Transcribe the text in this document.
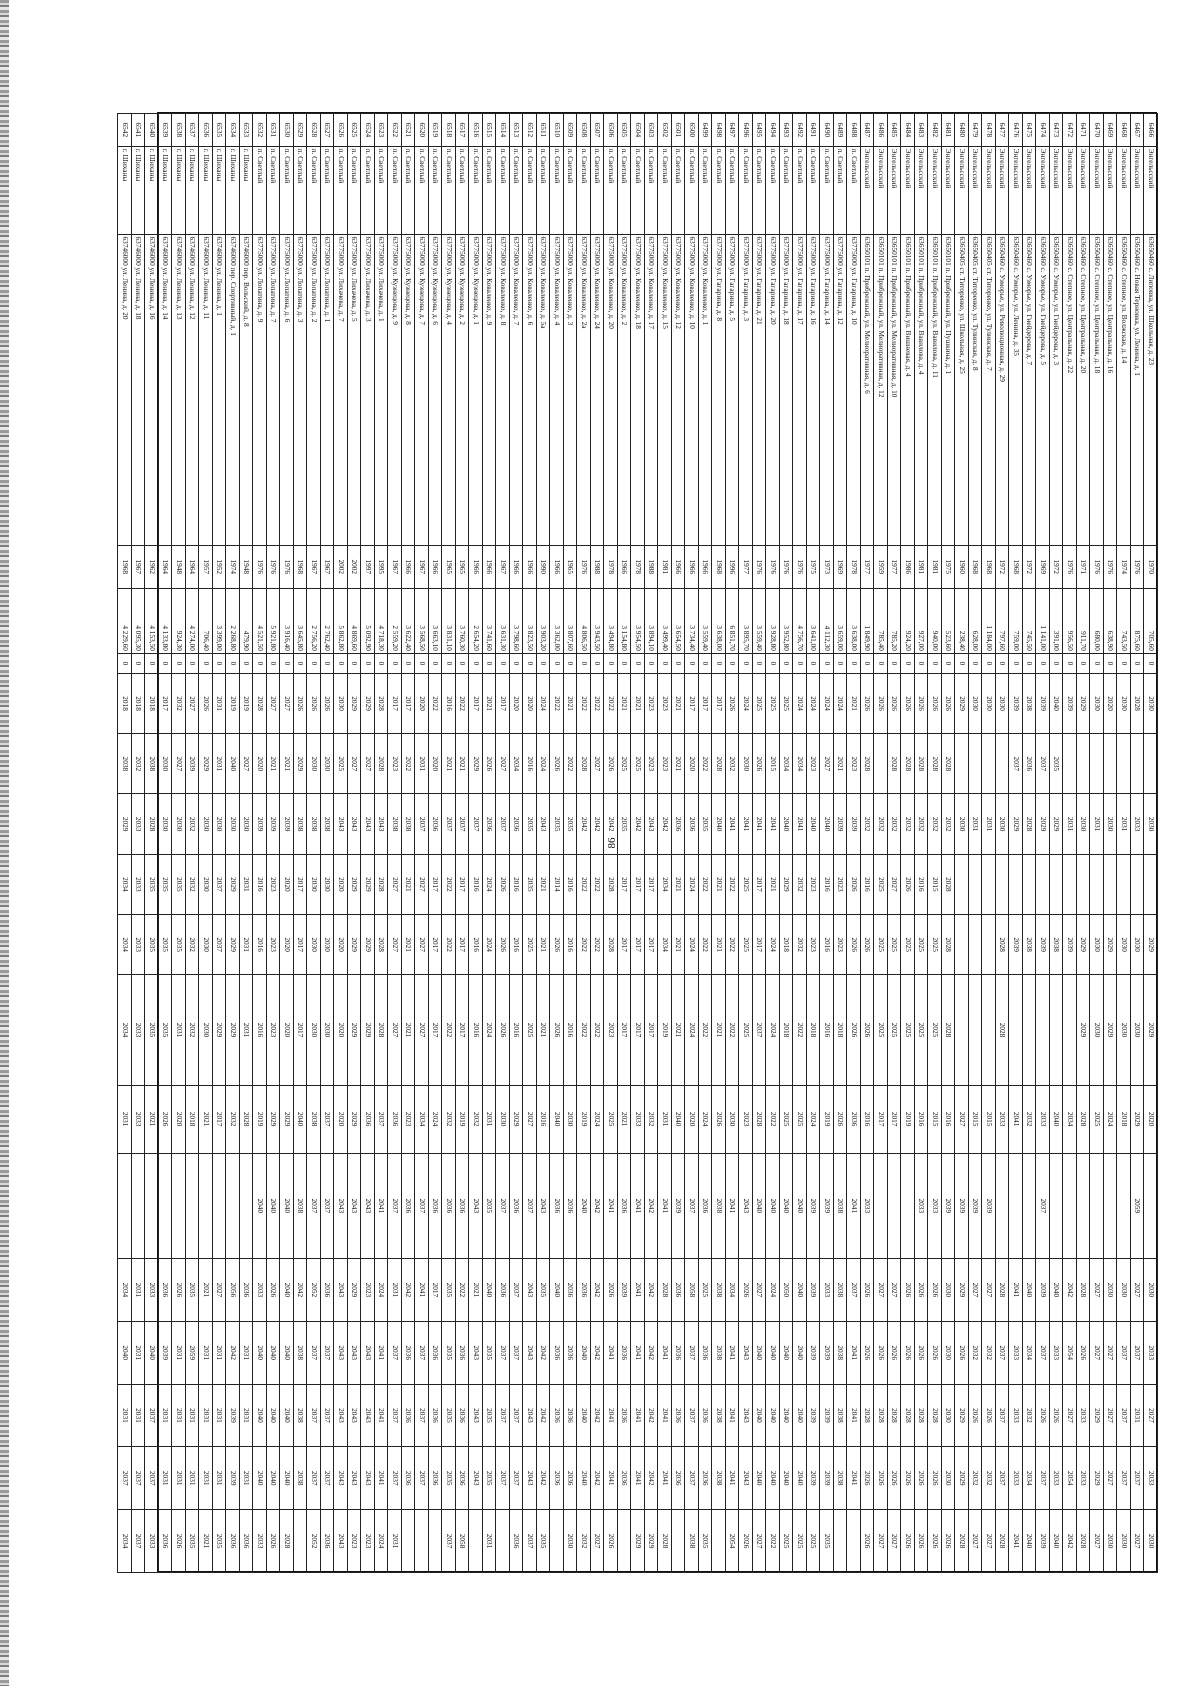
86
6466	Энгельсский	63650460 с. Липовка, ул. Школьная, д. 23	1970	705,60	0	2030		2030		2029	2029	2020		2030	2033	2027	2033	2030
6467	Энгельсский	63650460 с. Новая Терновка, ул. Ленина, д. 1	1976	875,60	0	2028		2033		2030	2030	2029	2059	2027	2037	2031	2037	2027
6468	Энгельсский	63650460 с. Степное, ул. Волжская, д. 14	1974	743,50	0	2030		2031		2030	2030	2018		2030	2037	2037	2037	2030
6469	Энгельсский	63650460 с. Степное, ул. Центральная, д. 16	1976	638,90	0	2020		2030		2029	2029	2024		2030	2027	2027	2027	2030
6470	Энгельсский	63650460 с. Степное, ул. Центральная, д. 18	1976	680,00	0	2030		2031		2030	2030	2025		2027	2027	2029	2029	2027
6471	Энгельсский	63650460 с. Степное, ул. Центральная, д. 20	1971	911,70	0	2029		2030		2029	2029	2028		2028	2026	2033	2033	2028
6472	Энгельсский	63650460 с. Степное, ул. Центральная, д. 22	1976	956,50	0	2039		2031		2039		2034		2042	2054	2027	2054	2042
6473	Энгельсский	63650460 с. Узморье, ул. Гнейдерова, д. 3	1972	391,00	0	2040	2035	2029		2038		2040		2040	2033	2026	2033	2040
6474	Энгельсский	63650460 с. Узморье, ул. Гнейдерова, д. 5	1969	1 141,00	0	2039	2037	2029		2039		2033	2037	2039	2037	2026	2037	2039
6475	Энгельсский	63650460 с. Узморье, ул. Гнейдерова, д. 7	1972	745,50	0	2038	2036	2028		2038		2032		2040	2034	2032	2034	2040
6476	Энгельсский	63650460 с. Узморье, ул. Ленина, д. 35	1968	759,00	0	2039	2037	2029		2039		2041		2041	2033	2033	2033	2041
6477	Энгельсский	63650460 с. Узморье, ул. Революционная, д. 29	1972	797,60	0	2030		2030		2028	2028	2033		2028	2037	2037	2037	2028
6478	Энгельсский	63650405 ст. Титоренко, ул. Тулинская, д. 7	1968	1 184,00	0	2030		2031				2015	2039	2027	2032	2026	2032	2027
6479	Энгельсский	63650405 ст. Титоренко, ул. Тулинская, д. 8	1968	628,00	0	2030		2031				2015	2039	2027	2032	2026	2032	2027
6480	Энгельсский	63650405 ст. Титоренко, ул. Школьная, д. 25	1960	238,40	0	2029		2030				2027	2039	2029	2026	2029	2029	2028
6481	Энгельсский	63650101 п. Прибрежный, ул. Пушкина, д. 1	1975	523,60	0	2026	2028	2032	2028	2028	2028	2016	2039	2030	2030	2030	2030	2026
6482	Энгельсский	63650101 п. Прибрежный, ул. Вавилова, д. 11	1981	940,00	0	2026	2028	2032	2015	2025	2025	2015	2033	2026	2026	2028	2026	2026
6483	Энгельсский	63650101 п. Прибрежный, ул. Вавилова, д. 4	1981	927,00	0	2026	2028	2032	2016	2025	2025	2016	2033	2026	2026	2028	2026	2026
6484	Энгельсский	63650101 п. Прибрежный, ул. Вишневая, д. 4	1986	924,20	0	2026	2028	2032	2026	2025	2025	2019		2026	2026	2028	2026	2026
6485	Энгельсский	63650101 п. Прибрежный, ул. Мелиоративная, д. 10	1977	785,20	0	2026	2028	2032	2027	2025	2025	2017		2027	2026	2028	2026	2027
6486	Энгельсский	63650101 п. Прибрежный, ул. Мелиоративная, д. 12	1959	785,40	0	2026		2032	2025	2025	2025	2017		2027	2026	2028	2026	2027
6487	Энгельсский	63650101 п. Прибрежный, ул. Мелиоративная, д. 6	1977	1 849,90	0	2026	2028	2032	2016	2026	2026	2016	2033	2026	2026	2028	2026	2026
6488	п. Светлый	63775000 ул. Гагарина, д. 10	1978	3 638,00	0	2021	2023	2039	2026	2026	2026	2036	2041	2037	2041	2041	2041	
6489	п. Светлый	63775000 ул. Гагарина, д. 12	1969	3 659,00	0	2024	2021	2039	2023	2023	2018	2026	2038	2038	2038	2038	2038	
6490	п. Светлый	63775000 ул. Гагарина, д. 14	1973	4 112,30	0	2024	2027	2040	2016	2016	2016	2019	2039	2033	2039	2039	2039	2035
6491	п. Светлый	63775000 ул. Гагарина, д. 16	1975	3 641,00	0	2024	2023	2040	2023	2023	2018	2024	2039	2039	2039	2039	2039	2025
6492	п. Светлый	63775000 ул. Гагарина, д. 17	1976	4 756,70	0	2024	2034	2041	2032	2032	2022	2025	2040	2040	2040	2040	2040	2025
6493	п. Светлый	63775000 ул. Гагарина, д. 18	1976	3 952,80	0	2025	2034	2040	2029	2018	2018	2025	2040	2050	2040	2040	2040	2025
6494	п. Светлый	63775000 ул. Гагарина, д. 20	1976	3 928,80	0	2025	2015	2041	2021	2024	2024	2022	2040	2024	2040	2040	2040	2022
6495	п. Светлый	63775000 ул. Гагарина, д. 21	1976	3 559,40	0	2025	2026	2041	2017	2017	2037	2028	2040	2027	2040	2040	2040	2027
6496	п. Светлый	63775000 ул. Гагарина, д. 3	1977	3 895,70	0	2024	2030	2041	2025	2025	2025	2023	2043	2026	2043	2043	2043	2026
6497	п. Светлый	63775000 ул. Гагарина, д. 5	1996	6 851,70	0	2026	2032	2041	2022	2022	2022	2030	2041	2034	2041	2041	2041	2054
6498	п. Светлый	63775000 ул. Гагарина, д. 8	1968	3 638,00	0	2017	2028	2040	2021	2021	2021	2026	2038	2038	2038	2038	2038	
6499	п. Светлый	63775000 ул. Коваленко, д. 1	1966	3 559,40	0	2017	2022	2035	2022	2022	2022	2024	2036	2025	2036	2036	2036	2035
6500	п. Светлый	63775000 ул. Коваленко, д. 10	1966	3 734,40	0	2017	2020	2036	2024	2024	2024	2020	2037	2058	2037	2037	2037	2038
6501	п. Светлый	63775000 ул. Коваленко, д. 12	1966	3 654,50	0	2021	2021	2036	2021	2021	2021	2040	2039	2036	2036	2036	2036	
6502	п. Светлый	63775000 ул. Коваленко, д. 15	1981	3 499,40	0	2023	2023	2042	2034	2034	2019	2031	2041	2028	2041	2041	2041	2028
6503	п. Светлый	63775000 ул. Коваленко, д. 17	1988	3 894,10	0	2023	2023	2043	2017	2017	2017	2032	2042	2042	2042	2042	2042	2029
6504	п. Светлый	63775000 ул. Коваленко, д. 18	1978	3 954,50	0	2021	2025	2042	2017	2017	2017	2033	2041	2041	2041	2041	2041	2029
6505	п. Светлый	63775000 ул. Коваленко, д. 2	1966	3 154,80	0	2021	2025	2035	2017	2017	2017	2021	2036	2039	2036	2036	2036	
6506	п. Светлый	63775000 ул. Коваленко, д. 20	1978	3 494,80	0	2022	2026	2042	2028	2028	2023	2025	2041	2026	2041	2041	2041	2026
6507	п. Светлый	63775000 ул. Коваленко, д. 24	1988	3 943,50	0	2022	2027	2042	2022	2022	2022	2024	2042	2042	2042	2042	2042	2027
6508	п. Светлый	63775000 ул. Коваленко, д. 2а	1976	4 806,50	0	2022	2028	2042	2022	2022	2022	2019	2040	2036	2040	2040	2040	2032
6509	п. Светлый	63775000 ул. Коваленко, д. 3	1965	3 807,60	0	2021	2022	2035	2016	2016	2016	2030	2036	2036	2036	2036	2036	2030
6510	п. Светлый	63775000 ул. Коваленко, д. 4	1966	3 362,00	0	2022	2026	2035	2014	2026	2026	2040	2036	2040	2036	2036	2036	
6511	п. Светлый	63775000 ул. Коваленко, д. 5а	1990	3 903,20	0	2024	2024	2043	2021	2021	2021	2016	2043	2035	2042	2042	2042	2035
6512	п. Светлый	63775000 ул. Коваленко, д. 6	1966	3 823,50	0	2020	2016	2035	2035	2025	2025	2027	2037	2043	2043	2043	2043	2037
6513	п. Светлый	63775000 ул. Коваленко, д. 7	1966	3 798,60	0	2020	2034	2036	2016	2016	2016	2029	2036	2037	2037	2037	2037	2036
6514	п. Светлый	63775000 ул. Коваленко, д. 8	1967	3 631,30	0	2017	2027	2037	2026	2026	2026	2030	2037	2036	2037	2037	2037	
6515	п. Светлый	63775000 ул. Коваленко, д. 9	1966	3 741,60	0	2021	2026	2036	2024	2024	2024	2031	2035	2040	2035	2035	2035	2031
6516	п. Светлый	63775000 ул. Кузнецова, д. 1	1966	2 654,20	0	2017	2029	2037	2016	2016	2016	2032	2043	2021	2043	2043	2043	
6517	п. Светлый	63775000 ул. Кузнецова, д. 2	1965	3 760,30	0	2022	2021	2037	2017	2017	2017	2019	2036	2022	2036	2036	2036	2058
6518	п. Светлый	63775000 ул. Кузнецова, д. 4	1965	3 831,10	0	2016	2021	2037	2022	2022	2022	2032	2036	2035	2035	2035	2035	2037
6519	п. Светлый	63775000 ул. Кузнецова, д. 6	1966	3 663,10	0	2022	2020	2036	2017	2017	2017	2024	2036	2017	2036	2036	2036	
6520	п. Светлый	63775000 ул. Кузнецова, д. 7	1967	3 568,50	0	2020	2031	2037	2027	2027	2027	2034	2037	2041	2037	2037	2037	
6521	п. Светлый	63775000 ул. Кузнецова, д. 8	1966	3 622,40	0	2017	2022	2038	2021	2021	2021	2023	2036	2042	2036	2036	2036	
6522	п. Светлый	63775000 ул. Кузнецова, д. 9	1967	2 559,20	0	2017	2023	2038	2027	2027	2027	2036	2037	2031	2037	2037	2037	2031
6523	п. Светлый	63775000 ул. Лихачева, д. 1	1995	4 718,30	0	2028	2028	2043	2028	2028	2028	2037	2041	2024	2041	2041	2041	2024
6524	п. Светлый	63775000 ул. Лихачева, д. 3	1997	5 092,90	0	2029	2027	2043	2029	2029	2029	2036	2043	2023	2043	2043	2043	2023
6525	п. Светлый	63775000 ул. Лихачева, д. 5	2002	4 869,60	0	2029	2027	2043	2029	2029	2029	2029	2043	2029	2043	2043	2043	2023
6526	п. Светлый	63775000 ул. Лихачева, д. 7	2002	5 862,80	0	2030	2025	2043	2020	2020	2020	2020	2043	2043	2043	2043	2043	2043
6527	п. Светлый	63775000 ул. Лопатина, д. 1	1967	2 762,40	0	2026	2030	2038	2030	2030	2030	2037	2037	2036	2037	2037	2037	2036
6528	п. Светлый	63775000 ул. Лопатина, д. 2	1967	2 756,20	0	2026	2030	2038	2030	2030	2030	2038	2037	2052	2037	2037	2037	2052
6529	п. Светлый	63775000 ул. Лопатина, д. 3	1968	3 645,80	0	2026	2029	2038	2017	2017	2017	2040	2038	2042	2038	2038	2038	
6530	п. Светлый	63775000 ул. Лопатина, д. 6	1976	3 916,40	0	2027	2021	2039	2020	2020	2020	2029	2040	2040	2040	2040	2040	2028
6531	п. Светлый	63775000 ул. Лопатина, д. 7	1976	5 921,80	0	2027	2021	2039	2023	2023	2023	2029	2040	2026	2040	2040	2040	2026
6532	п. Светлый	63775000 ул. Лопатина, д. 9	1976	4 521,50	0	2028	2020	2039	2016	2016	2016	2019	2040	2033	2040	2040	2040	2033
6533	г. Шиханы	63746000 пер. Вольский, д. 8	1948	479,90	0	2019	2027	2030	2031	2031	2031	2028		2036	2031	2031	2031	2036
6534	г. Шиханы	63746000 пер. Спортивный, д. 1	1974	2 268,80	0	2019	2040	2030	2029	2029	2029	2032		2056	2042	2039	2039	2036
6535	г. Шиханы	63746000 ул. Ленина, д. 1	1952	3 399,00	0	2031	2031	2030	2037	2037	2029	2017		2027	2031	2031	2031	2035
6536	г. Шиханы	63746000 ул. Ленина, д. 11	1957	706,40	0	2026	2029	2030	2030	2030	2030	2021		2021	2031	2031	2031	2021
6537	г. Шиханы	63746000 ул. Ленина, д. 12	1964	4 274,00	0	2027	2039	2032	2032	2032	2032	2018		2035	2059	2031	2031	2035
6538	г. Шиханы	63746000 ул. Ленина, д. 13	1948	924,30	0	2032	2027	2030	2035	2035	2031	2020		2026	2031	2031	2031	2026
6539	г. Шиханы	63746000 ул. Ленина, д. 14	1964	4 133,80	0	2017	2030	2030	2035	2035	2035	2026		2036	2039	2031	2031	2036
6540	г. Шиханы	63746000 ул. Ленина, д. 16	1962	4 153,50	0	2018	2038	2028	2035	2035	2035	2021		2033	2040	2037	2037	2033
6541	г. Шиханы	63746000 ул. Ленина, д. 18	1967	4 095,30	0	2018	2032	2033	2033	2033	2033	2033		2031	2031	2031	2037	2037
6542	г. Шиханы	63746000 ул. Ленина, д. 20	1968	4 229,60	0	2018	2038	2029	2034	2034	2034	2031		2034	2040	2031	2037	2034
